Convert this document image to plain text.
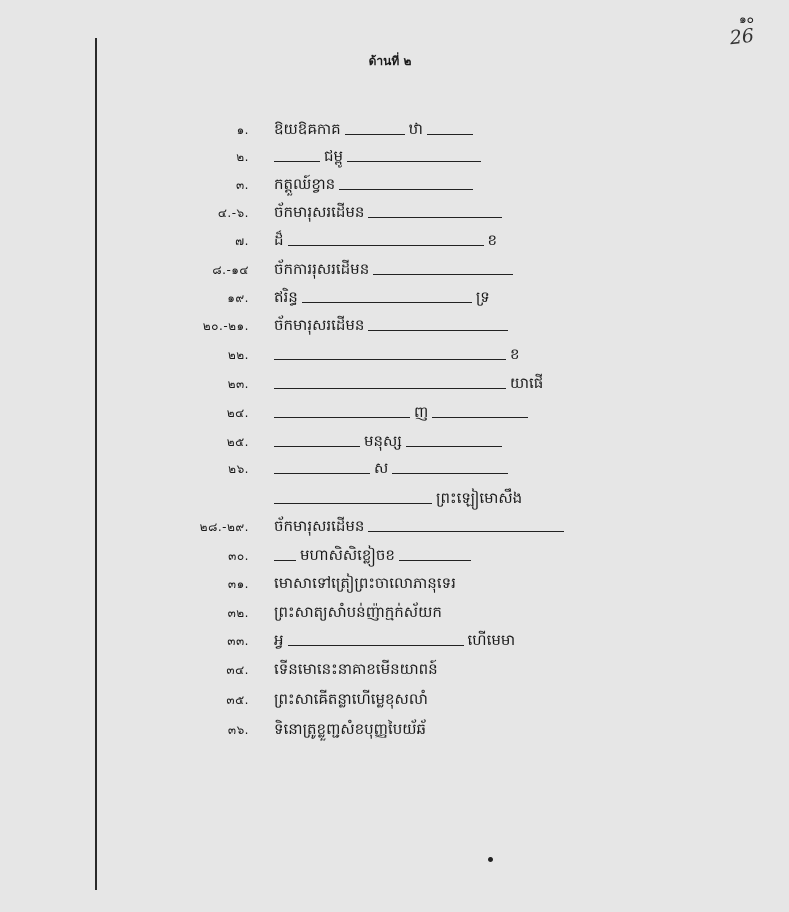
๑๐
26
ด้านที่ ๒
๑. ឱយឱឝកាគ	ឋា
๒.	ជម្ពូ
๓. កត្តួឈ៍ខ្វាន
๔.-๖. ច័កមារុសរដើមន
๗. ដ៏	ខ
๘.-๑๔ ច័កការរុសរដើមន
๑๙. ឥរិន្ធ	ទ្រ
๒๐.-๒๑. ច័កមារុសរដើមន
๒๒.	ខ
๒๓.	យាផើ
๒๔.	ញ
๒๕.	មនុស្ស
๒๖.	ស
ព្រះឡៀមោសឹង
๒๘.-๒๙. ច័កមារុសរដើមន
๓๐.	មហាសិសិខ្លៀចខ
๓๑. មោសាទៅត្រៀព្រះចាលោភានុទេរ
๓๒. ព្រះសាត្យសាំបន់ញ៉ាក្មក់ស័យក
๓๓. អ្វ	ហើមេមា
๓๔. ទើនមោនេះនាគាខមើនយាពន៍
๓๕. ព្រះសាឝើតន្លាហើមេ្លខុសលាំ
๓๖. ទិនោត្រូខ្លួញ្ជសំខបុញ្ញបៃយ័ឆ័
